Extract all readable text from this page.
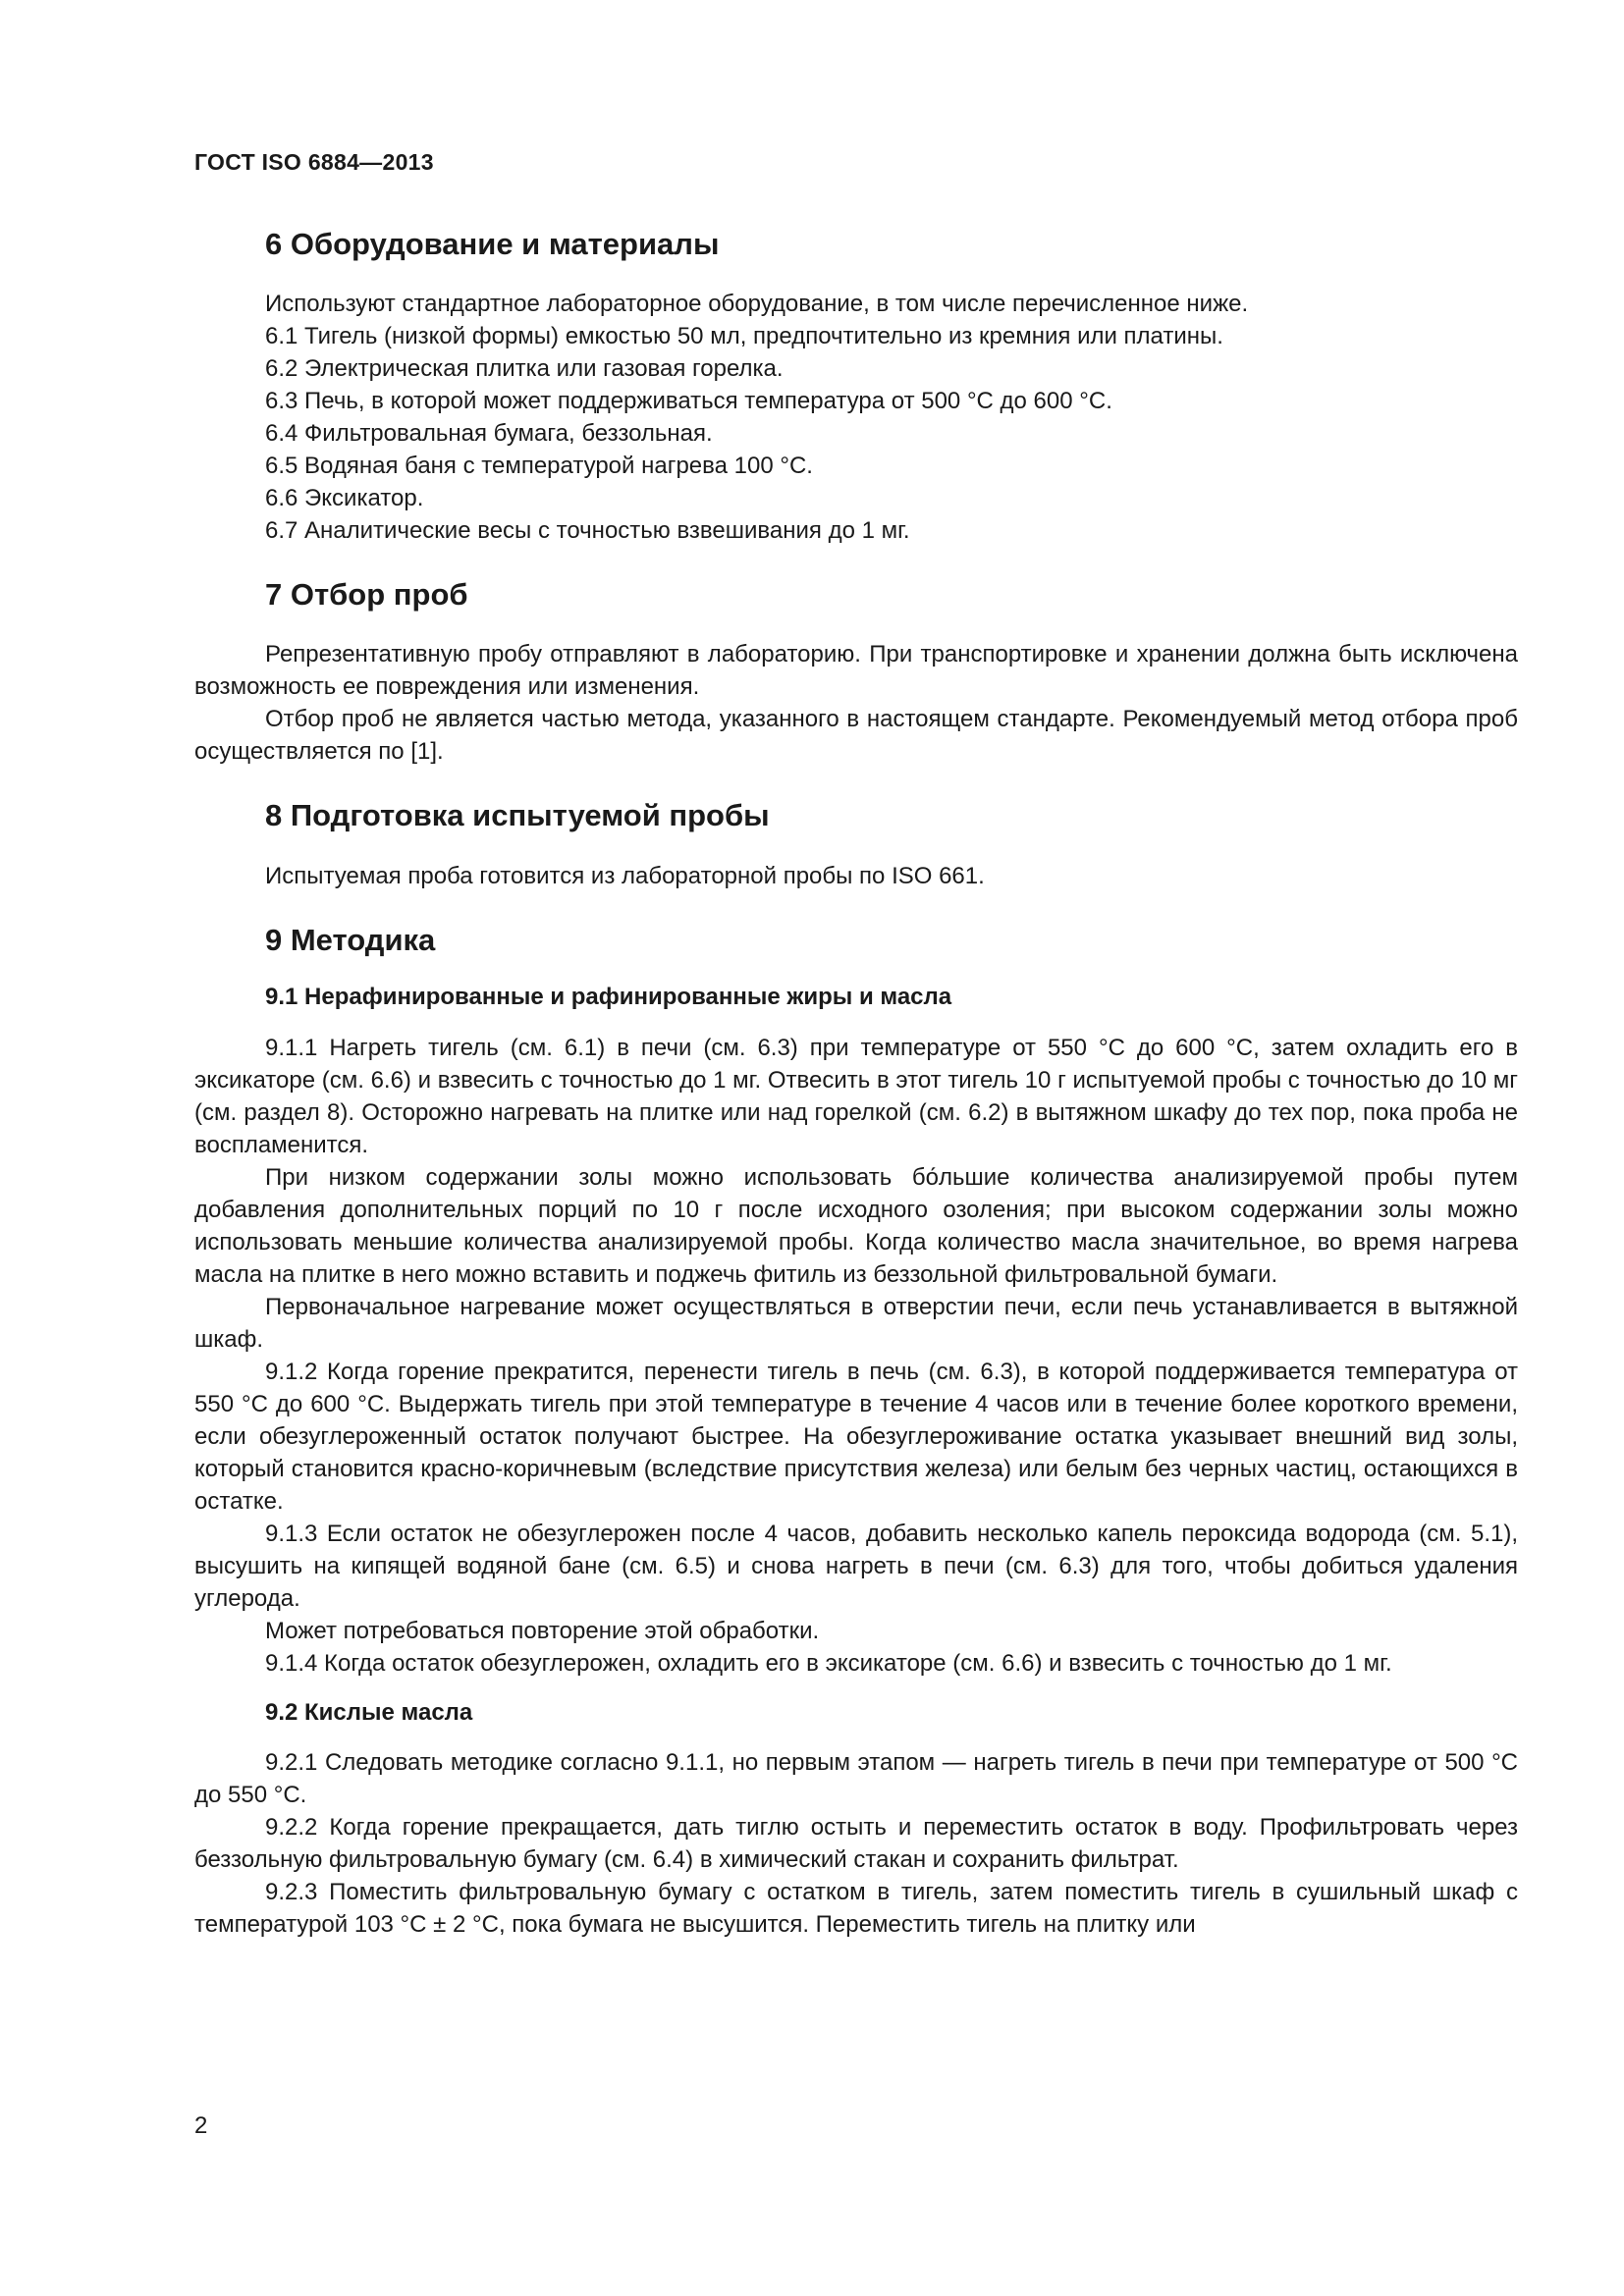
ГОСТ ISO 6884—2013
6 Оборудование и материалы

Используют стандартное лабораторное оборудование, в том числе перечисленное ниже.

6.1 Тигель (низкой формы) емкостью 50 мл, предпочтительно из кремния или платины.

6.2 Электрическая плитка или газовая горелка.

6.3 Печь, в которой может поддерживаться температура от 500 °С до 600 °С.

6.4 Фильтровальная бумага, беззольная.

6.5 Водяная баня с температурой нагрева 100 °С.

6.6 Эксикатор.

6.7 Аналитические весы с точностью взвешивания до 1 мг.

7 Отбор проб

Репрезентативную пробу отправляют в лабораторию. При транспортировке и хранении должна быть исключена возможность ее повреждения или изменения.

Отбор проб не является частью метода, указанного в настоящем стандарте. Рекомендуемый метод отбора проб осуществляется по [1].

8 Подготовка испытуемой пробы

Испытуемая проба готовится из лабораторной пробы по ISO 661.

9 Методика
9.1 Нерафинированные и рафинированные жиры и масла

9.1.1 Нагреть тигель (см. 6.1) в печи (см. 6.3) при температуре от 550 °С до 600 °С, затем охладить его в эксикаторе (см. 6.6) и взвесить с точностью до 1 мг. Отвесить в этот тигель 10 г испытуемой пробы с точностью до 10 мг (см. раздел 8). Осторожно нагревать на плитке или над горелкой (см. 6.2) в вытяжном шкафу до тех пор, пока проба не воспламенится.

При низком содержании золы можно использовать бо́льшие количества анализируемой пробы путем добавления дополнительных порций по 10 г после исходного озоления; при высоком содержании золы можно использовать меньшие количества анализируемой пробы. Когда количество масла значительное, во время нагрева масла на плитке в него можно вставить и поджечь фитиль из беззольной фильтровальной бумаги.

Первоначальное нагревание может осуществляться в отверстии печи, если печь устанавливается в вытяжной шкаф.

9.1.2 Когда горение прекратится, перенести тигель в печь (см. 6.3), в которой поддерживается температура от 550 °С до 600 °С. Выдержать тигель при этой температуре в течение 4 часов или в течение более короткого времени, если обезуглероженный остаток получают быстрее. На обезуглероживание остатка указывает внешний вид золы, который становится красно-коричневым (вследствие присутствия железа) или белым без черных частиц, остающихся в остатке.

9.1.3 Если остаток не обезуглерожен после 4 часов, добавить несколько капель пероксида водорода (см. 5.1), высушить на кипящей водяной бане (см. 6.5) и снова нагреть в печи (см. 6.3) для того, чтобы добиться удаления углерода.

Может потребоваться повторение этой обработки.

9.1.4 Когда остаток обезуглерожен, охладить его в эксикаторе (см. 6.6) и взвесить с точностью до 1 мг.

9.2 Кислые масла

9.2.1 Следовать методике согласно 9.1.1, но первым этапом — нагреть тигель в печи при температуре от 500 °С до 550 °С.

9.2.2 Когда горение прекращается, дать тиглю остыть и переместить остаток в воду. Профильтровать через беззольную фильтровальную бумагу (см. 6.4) в химический стакан и сохранить фильтрат.

9.2.3 Поместить фильтровальную бумагу с остатком в тигель, затем поместить тигель в сушильный шкаф с температурой 103 °С ± 2 °С, пока бумага не высушится. Переместить тигель на плитку или

2
